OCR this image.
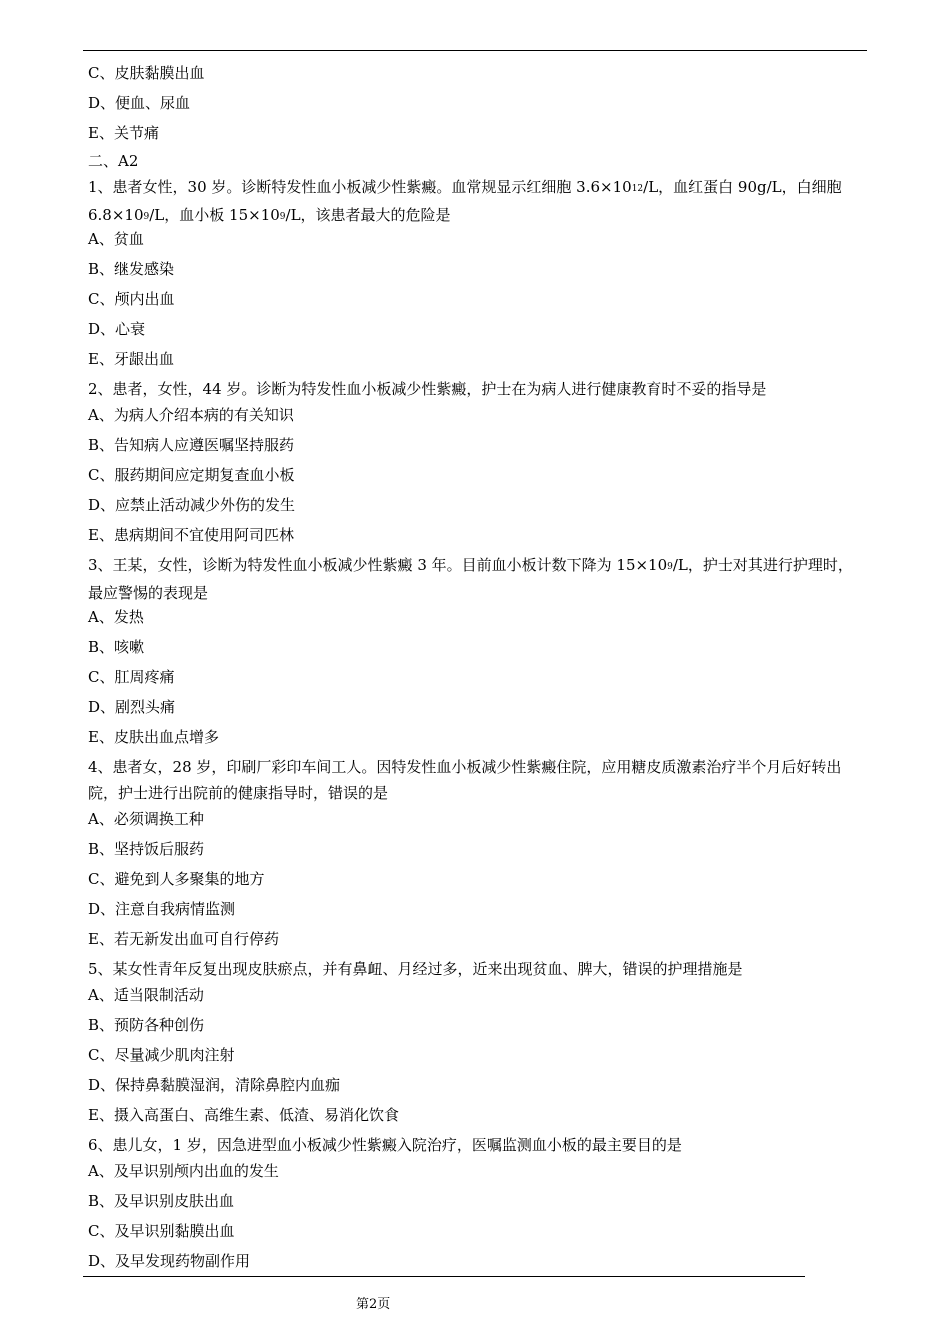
C、皮肤黏膜出血
D、便血、尿血
E、关节痛
二、A2
1、患者女性，30 岁。诊断特发性血小板减少性紫癜。血常规显示红细胞 $3.6\times 10^{12}/L$，血红蛋白 90g/L，白细胞 $6.8\times 10^9/L$，血小板 $15\times 10^9/L$，该患者最大的危险是
A、贫血
B、继发感染
C、颅内出血
D、心衰
E、牙龈出血
2、患者，女性，44 岁。诊断为特发性血小板减少性紫癜，护士在为病人进行健康教育时不妥的指导是
A、为病人介绍本病的有关知识
B、告知病人应遵医嘱坚持服药
C、服药期间应定期复查血小板
D、应禁止活动减少外伤的发生
E、患病期间不宜使用阿司匹林
3、王某，女性，诊断为特发性血小板减少性紫癜 3 年。目前血小板计数下降为 $15\times 10^9/L$，护士对其进行护理时，最应警惕的表现是
A、发热
B、咳嗽
C、肛周疼痛
D、剧烈头痛
E、皮肤出血点增多
4、患者女，28 岁，印刷厂彩印车间工人。因特发性血小板减少性紫癜住院，应用糖皮质激素治疗半个月后好转出院，护士进行出院前的健康指导时，错误的是
A、必须调换工种
B、坚持饭后服药
C、避免到人多聚集的地方
D、注意自我病情监测
E、若无新发出血可自行停药
5、某女性青年反复出现皮肤瘀点，并有鼻衄、月经过多，近来出现贫血、脾大，错误的护理措施是
A、适当限制活动
B、预防各种创伤
C、尽量减少肌肉注射
D、保持鼻黏膜湿润，清除鼻腔内血痂
E、摄入高蛋白、高维生素、低渣、易消化饮食
6、患儿女，1 岁，因急进型血小板减少性紫癜入院治疗，医嘱监测血小板的最主要目的是
A、及早识别颅内出血的发生
B、及早识别皮肤出血
C、及早识别黏膜出血
D、及早发现药物副作用
第2页
